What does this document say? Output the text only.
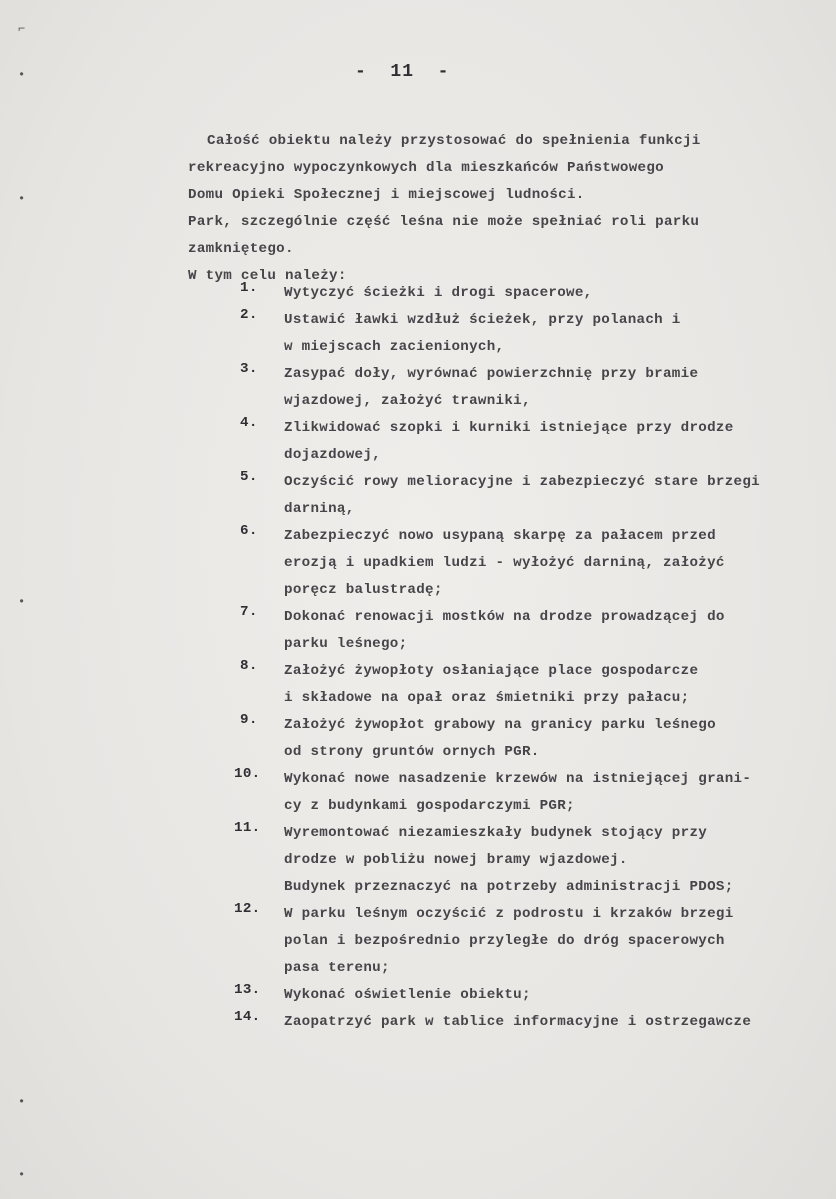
⌐
•
•
•
•
•
-  11  -
Całość obiektu należy przystosować do spełnienia funkcji
rekreacyjno wypoczynkowych dla mieszkańców Państwowego
Domu Opieki Społecznej i miejscowej ludności.
Park, szczególnie część leśna nie może spełniać roli parku
zamkniętego.
W tym celu należy:
1.	Wytyczyć ścieżki i drogi spacerowe,
2.	Ustawić ławki wzdłuż ścieżek, przy polanach i
w miejscach zacienionych,
3.	Zasypać doły, wyrównać powierzchnię przy bramie
wjazdowej, założyć trawniki,
4.	Zlikwidować szopki i kurniki istniejące przy drodze
dojazdowej,
5.	Oczyścić rowy melioracyjne i zabezpieczyć stare brzegi
darniną,
6.	Zabezpieczyć nowo usypaną skarpę za pałacem przed
erozją i upadkiem ludzi - wyłożyć darniną, założyć
poręcz balustradę;
7.	Dokonać renowacji mostków na drodze prowadzącej do
parku leśnego;
8.	Założyć żywopłoty osłaniające place gospodarcze
i składowe na opał oraz śmietniki przy pałacu;
9.	Założyć żywopłot grabowy na granicy parku leśnego
od strony gruntów ornych PGR.
10.	Wykonać nowe nasadzenie krzewów na istniejącej grani-
cy z budynkami gospodarczymi PGR;
11.	Wyremontować niezamieszkały budynek stojący przy
drodze w pobliżu nowej bramy wjazdowej.
Budynek przeznaczyć na potrzeby administracji PDOS;
12.	W parku leśnym oczyścić z podrostu i krzaków brzegi
polan i bezpośrednio przyległe do dróg spacerowych
pasa terenu;
13.	Wykonać oświetlenie obiektu;
14.	Zaopatrzyć park w tablice informacyjne i ostrzegawcze
